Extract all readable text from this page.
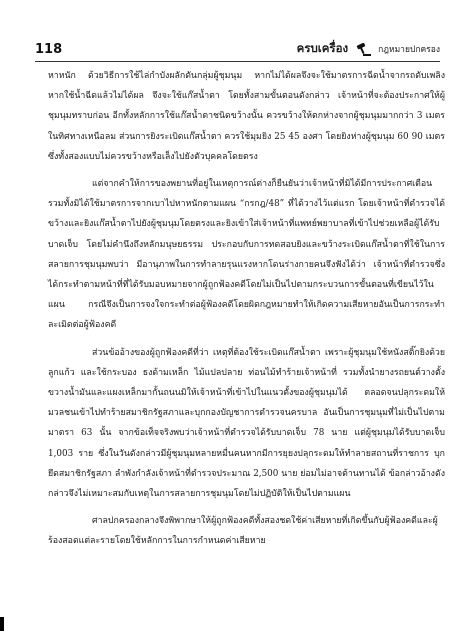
118	ครบเครื่อง	กฎหมายปกครอง

หาหนัก ด้วยวิธีการใช้ไล่กำบังผลักดันกลุ่มผู้ชุมนุม หากไม่ได้ผลจึงจะใช้มาตรการฉีดน้ำจากรถดับเพลิง หากใช้น้ำฉีดแล้วไม่ได้ผล จึงจะใช้แก๊สน้ำตา โดยทั้งสามขั้นตอนดังกล่าว เจ้าหน้าที่จะต้องประกาศให้ผู้ชุมนุมทราบก่อน อีกทั้งหลักการใช้แก๊สน้ำตาชนิดขว้างนั้น ควรขว้างให้ตกห่างจากผู้ชุมนุมมากกว่า 3 เมตร ในทิศทางเหนือลม ส่วนการยิงระเบิดแก๊สน้ำตา ควรใช้มุมยิง 25 45 องศา โดยยิงห่างผู้ชุมนุม 60 90 เมตร ซึ่งทั้งสองแบบไม่ควรขว้างหรือเล็งไปยังตัวบุคคลโดยตรง

แต่จากคำให้การของพยานที่อยู่ในเหตุการณ์ต่างก็ยืนยันว่าเจ้าหน้าที่มิได้มีการประกาศเตือน รวมทั้งมิได้ใช้มาตรการจากเบาไปหาหนักตามแผน “กรกฎ/48” ที่ได้วางไว้แต่แรก โดยเจ้าหน้าที่ตำรวจได้ขว้างและยิงแก๊สน้ำตาไปยังผู้ชุมนุมโดยตรงและยิงเข้าใส่เจ้าหน้าที่แพทย์พยาบาลที่เข้าไปช่วยเหลือผู้ได้รับบาดเจ็บ โดยไม่คำนึงถึงหลักมนุษยธรรม ประกอบกับการทดสอบยิงและขว้างระเบิดแก๊สน้ำตาที่ใช้ในการสลายการชุมนุมพบว่า มีอานุภาพในการทำลายรุนแรงหากโดนร่างกายคนจึงฟังได้ว่า เจ้าหน้าที่ตำรวจซึ่งได้กระทำตามหน้าที่ที่ได้รับมอบหมายจากผู้ถูกฟ้องคดีโดยไม่เป็นไปตามกระบวนการขั้นตอนที่เขียนไว้ในแผน กรณีจึงเป็นการจงใจกระทำต่อผู้ฟ้องคดีโดยผิดกฎหมายทำให้เกิดความเสียหายอันเป็นการกระทำละเมิดต่อผู้ฟ้องคดี

ส่วนข้ออ้างของผู้ถูกฟ้องคดีที่ว่า เหตุที่ต้องใช้ระเบิดแก๊สน้ำตา เพราะผู้ชุมนุมใช้หนังสติ๊กยิงด้วยลูกแก้ว และใช้กระบอง ธงด้ามเหล็ก ไม้แปลปลาย ท่อนไม้ทำร้ายเจ้าหน้าที่ รวมทั้งนำยางรถยนต์วางตั้งขวางน้ำมันและแผงเหล็กมากั้นถนนมิให้เจ้าหน้าที่เข้าไปในแนวตั้งของผู้ชุมนุมได้ ตลอดจนปลุกระดมให้มวลชนเข้าไปทำร้ายสมาชิกรัฐสภาและบุกกองบัญชาการตำรวจนครบาล อันเป็นการชุมนุมที่ไม่เป็นไปตามมาตรา 63 นั้น จากข้อเท็จจริงพบว่าเจ้าหน้าที่ตำรวจได้รับบาดเจ็บ 78 นาย แต่ผู้ชุมนุมได้รับบาดเจ็บ 1,003 ราย ซึ่งในวันดังกล่าวมีผู้ชุมนุมหลายหมื่นคนหากมีการยุยงปลุกระดมให้ทำลายสถานที่ราชการ บุกยึดสมาชิกรัฐสภา ลำพังกำลังเจ้าหน้าที่ตำรวจประมาณ 2,500 นาย ย่อมไม่อาจต้านทานได้ ข้อกล่าวอ้างดังกล่าวจึงไม่เหมาะสมกับเหตุในการสลายการชุมนุมโดยไม่ปฏิบัติให้เป็นไปตามแผน

ศาลปกครองกลางจึงพิพากษาให้ผู้ถูกฟ้องคดีทั้งสองชดใช้ค่าเสียหายที่เกิดขึ้นกับผู้ฟ้องคดีและผู้ร้องสอดแต่ละรายโดยใช้หลักการในการกำหนดค่าเสียหาย
